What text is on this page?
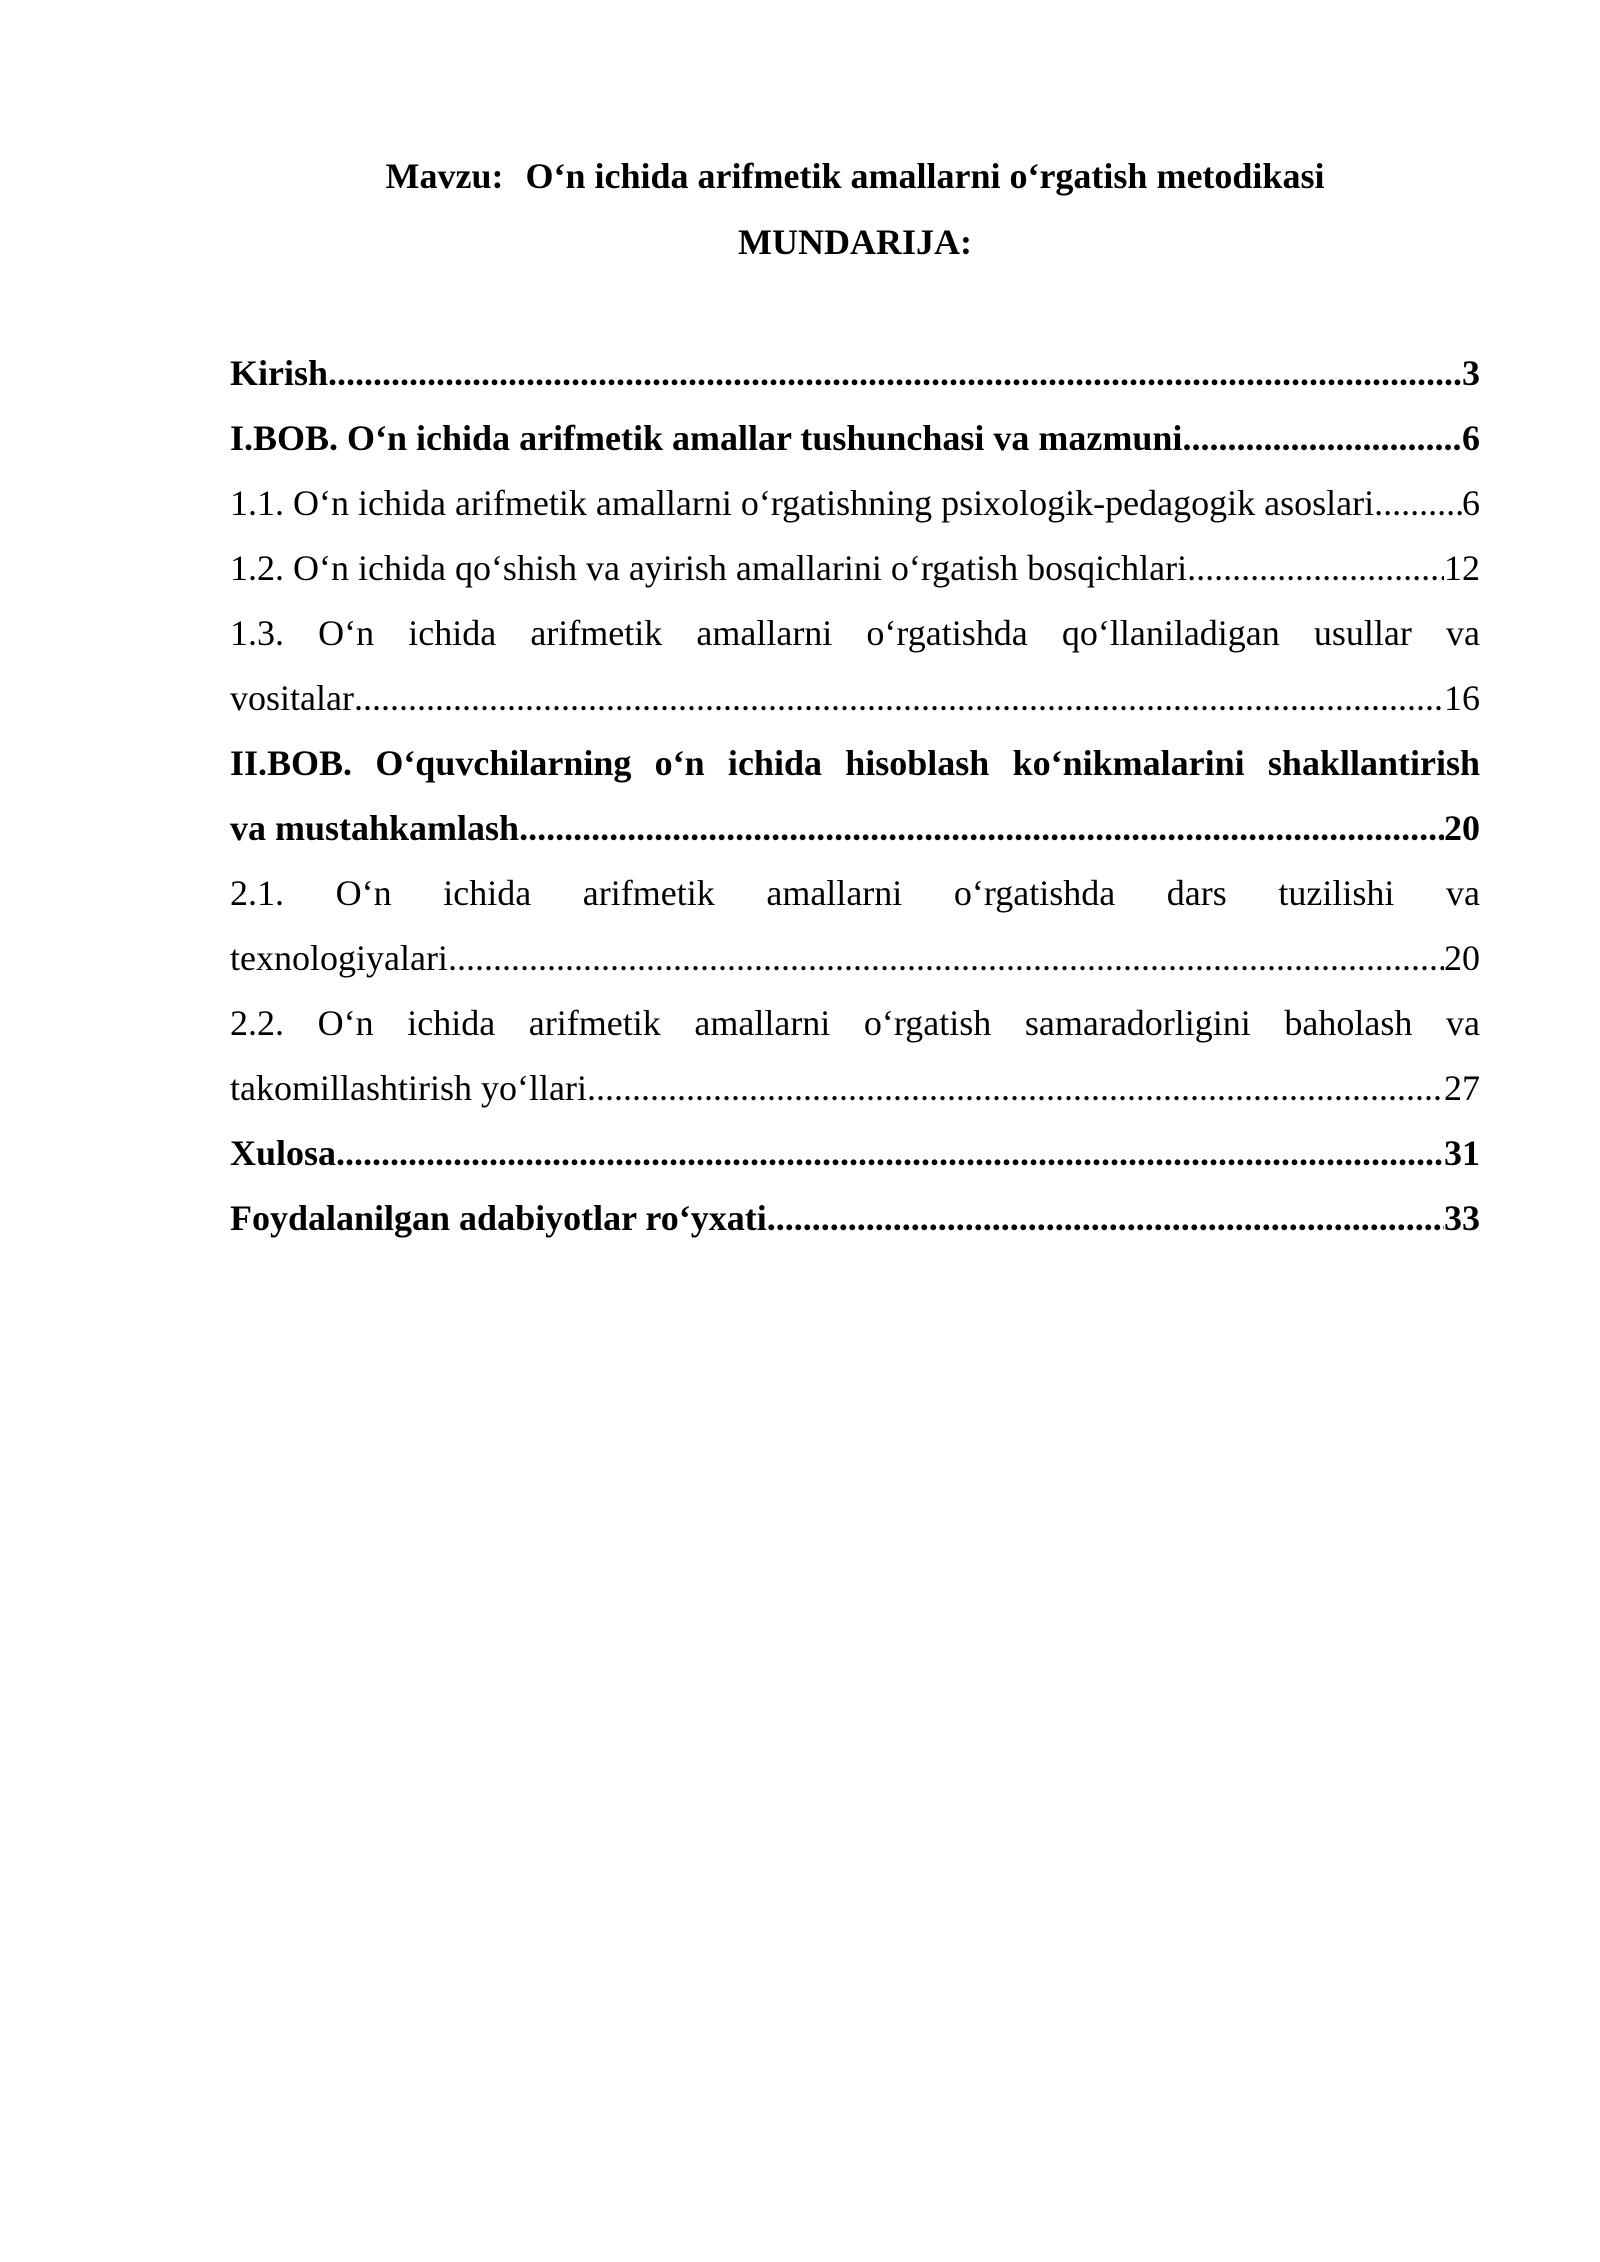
Mavzu: O‘n ichida arifmetik amallarni o‘rgatish metodikasi
MUNDARIJA:
Kirish .....	3
I.BOB. O‘n ichida arifmetik amallar tushunchasi va mazmuni .....	6
1.1. O‘n ichida arifmetik amallarni o‘rgatishning psixologik-pedagogik asoslari ..... 6
1.2. O‘n ichida qo‘shish va ayirish amallarini o‘rgatish bosqichlari .....	12
1.3. O‘n ichida arifmetik amallarni o‘rgatishda qo‘llaniladigan usullar va
vositalar .....	16
II.BOB. O‘quvchilarning o‘n ichida hisoblash ko‘nikmalarini shakllantirish
va mustahkamlash .....	20
2.1. O‘n ichida arifmetik amallarni o‘rgatishda dars tuzilishi va
texnologiyalari .....	20
2.2. O‘n ichida arifmetik amallarni o‘rgatish samaradorligini baholash va
takomillashtirish yo‘llari .....	27
Xulosa .....	31
Foydalanilgan adabiyotlar ro‘yxati .....	33
